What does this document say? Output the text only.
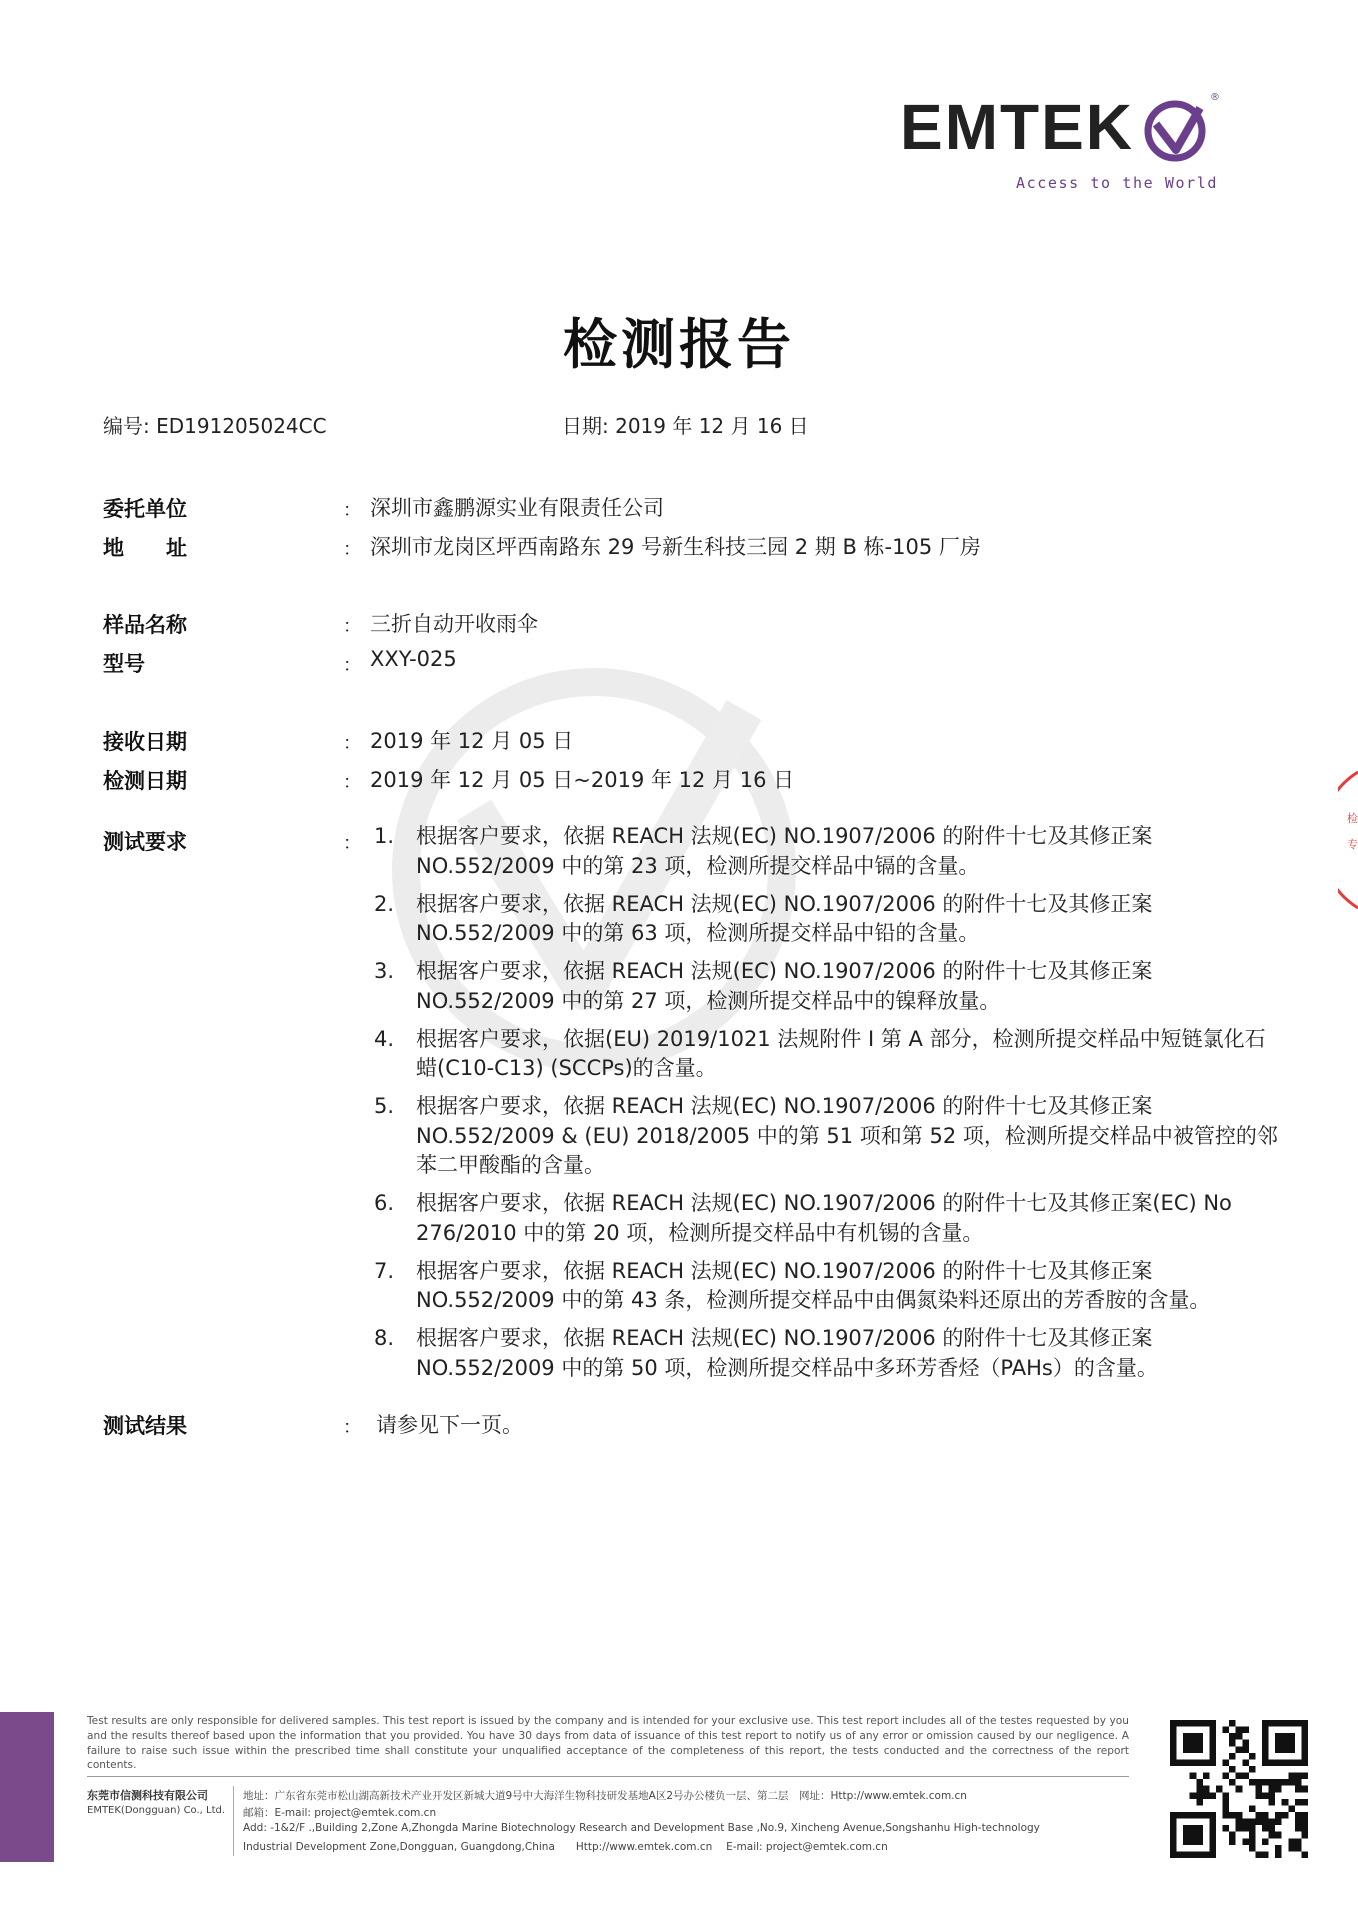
EMTEK	®
Access to the World
检
专
检测报告
编号: ED191205024CC	日期: 2019 年 12 月 16 日
委托单位	： 深圳市鑫鹏源实业有限责任公司
地　　址	： 深圳市龙岗区坪西南路东 29 号新生科技三园 2 期 B 栋-105 厂房
样品名称	： 三折自动开收雨伞
型号	： XXY-025
接收日期	： 2019 年 12 月 05 日
检测日期	： 2019 年 12 月 05 日~2019 年 12 月 16 日
测试要求	： 1. 根据客户要求，依据 REACH 法规(EC) NO.1907/2006 的附件十七及其修正案 NO.552/2009 中的第 23 项，检测所提交样品中镉的含量。
2. 根据客户要求，依据 REACH 法规(EC) NO.1907/2006 的附件十七及其修正案 NO.552/2009 中的第 63 项，检测所提交样品中铅的含量。
3. 根据客户要求，依据 REACH 法规(EC) NO.1907/2006 的附件十七及其修正案 NO.552/2009 中的第 27 项，检测所提交样品中的镍释放量。
4. 根据客户要求，依据(EU) 2019/1021 法规附件 I 第 A 部分，检测所提交样品中短链氯化石蜡(C10-C13) (SCCPs)的含量。
5. 根据客户要求，依据 REACH 法规(EC) NO.1907/2006 的附件十七及其修正案 NO.552/2009 & (EU) 2018/2005 中的第 51 项和第 52 项，检测所提交样品中被管控的邻苯二甲酸酯的含量。
6. 根据客户要求，依据 REACH 法规(EC) NO.1907/2006 的附件十七及其修正案(EC) No 276/2010 中的第 20 项，检测所提交样品中有机锡的含量。
7. 根据客户要求，依据 REACH 法规(EC) NO.1907/2006 的附件十七及其修正案 NO.552/2009 中的第 43 条，检测所提交样品中由偶氮染料还原出的芳香胺的含量。
8. 根据客户要求，依据 REACH 法规(EC) NO.1907/2006 的附件十七及其修正案 NO.552/2009 中的第 50 项，检测所提交样品中多环芳香烃（PAHs）的含量。
测试结果	： 请参见下一页。
Test results are only responsible for delivered samples. This test report is issued by the company and is intended for your exclusive use. This test report includes all of the testes requested by you and the results thereof based upon the information that you provided. You have 30 days from data of issuance of this test report to notify us of any error or omission caused by our negligence. A failure to raise such issue within the prescribed time shall constitute your unqualified acceptance of the completeness of this report, the tests conducted and the correctness of the report contents.
东莞市信测科技有限公司
EMTEK(Dongguan) Co., Ltd.
地址：广东省东莞市松山湖高新技术产业开发区新城大道9号中大海洋生物科技研发基地A区2号办公楼负一层、第二层　网址：Http://www.emtek.com.cn
邮箱：E-mail: project@emtek.com.cn
Add: -1&2/F .,Building 2,Zone A,Zhongda Marine Biotechnology Research and Development Base ,No.9, Xincheng Avenue,Songshanhu High-technology
Industrial Development Zone,Dongguan, Guangdong,China　　Http://www.emtek.com.cn　 E-mail: project@emtek.com.cn
